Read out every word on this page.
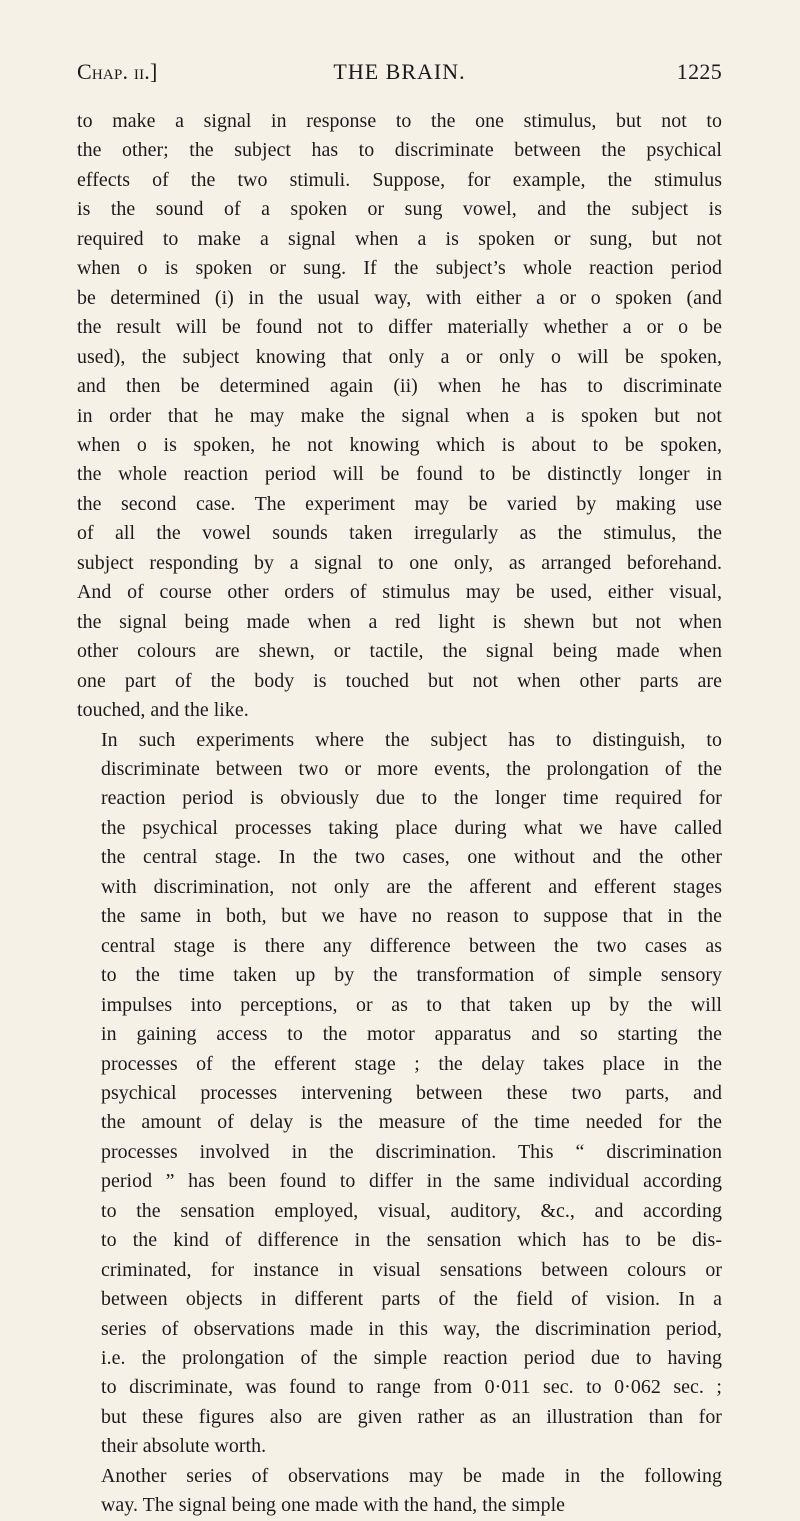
Chap. ii.]	THE BRAIN.	1225

to make a signal in response to the one stimulus, but not to
the other; the subject has to discriminate between the psychical
effects of the two stimuli. Suppose, for example, the stimulus
is the sound of a spoken or sung vowel, and the subject is
required to make a signal when a is spoken or sung, but not
when o is spoken or sung. If the subject’s whole reaction period
be determined (i) in the usual way, with either a or o spoken (and
the result will be found not to differ materially whether a or o be
used), the subject knowing that only a or only o will be spoken,
and then be determined again (ii) when he has to discriminate
in order that he may make the signal when a is spoken but not
when o is spoken, he not knowing which is about to be spoken,
the whole reaction period will be found to be distinctly longer in
the second case. The experiment may be varied by making use
of all the vowel sounds taken irregularly as the stimulus, the
subject responding by a signal to one only, as arranged beforehand.
And of course other orders of stimulus may be used, either visual,
the signal being made when a red light is shewn but not when
other colours are shewn, or tactile, the signal being made when
one part of the body is touched but not when other parts are
touched, and the like.

In such experiments where the subject has to distinguish, to
discriminate between two or more events, the prolongation of the
reaction period is obviously due to the longer time required for
the psychical processes taking place during what we have called
the central stage. In the two cases, one without and the other
with discrimination, not only are the afferent and efferent stages
the same in both, but we have no reason to suppose that in the
central stage is there any difference between the two cases as
to the time taken up by the transformation of simple sensory
impulses into perceptions, or as to that taken up by the will
in gaining access to the motor apparatus and so starting the
processes of the efferent stage ; the delay takes place in the
psychical processes intervening between these two parts, and
the amount of delay is the measure of the time needed for the
processes involved in the discrimination. This “ discrimination
period ” has been found to differ in the same individual according
to the sensation employed, visual, auditory, &c., and according
to the kind of difference in the sensation which has to be dis-
criminated, for instance in visual sensations between colours or
between objects in different parts of the field of vision. In a
series of observations made in this way, the discrimination period,
i.e. the prolongation of the simple reaction period due to having
to discriminate, was found to range from 0·011 sec. to 0·062 sec. ;
but these figures also are given rather as an illustration than for
their absolute worth.

Another series of observations may be made in the following
way. The signal being one made with the hand, the simple
